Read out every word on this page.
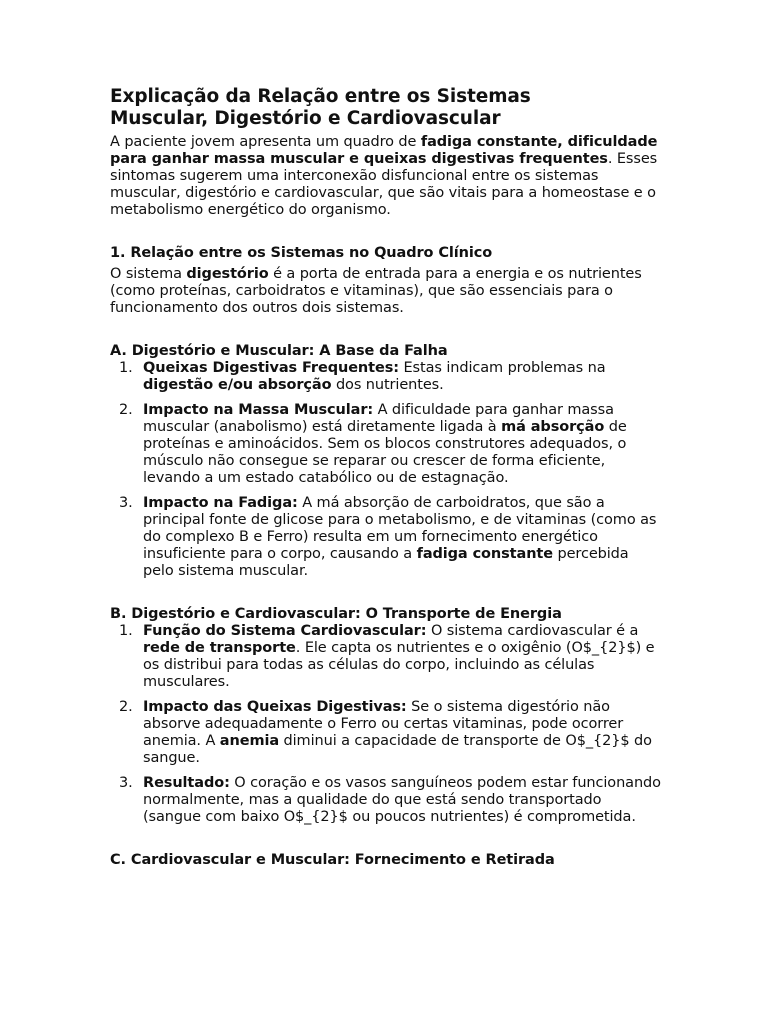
Explicação da Relação entre os Sistemas
Muscular, Digestório e Cardiovascular

A paciente jovem apresenta um quadro de fadiga constante, dificuldade para ganhar massa muscular e queixas digestivas frequentes. Esses sintomas sugerem uma interconexão disfuncional entre os sistemas muscular, digestório e cardiovascular, que são vitais para a homeostase e o metabolismo energético do organismo.

1. Relação entre os Sistemas no Quadro Clínico

O sistema digestório é a porta de entrada para a energia e os nutrientes (como proteínas, carboidratos e vitaminas), que são essenciais para o funcionamento dos outros dois sistemas.

A. Digestório e Muscular: A Base da Falha
1. Queixas Digestivas Frequentes: Estas indicam problemas na digestão e/ou absorção dos nutrientes.
2. Impacto na Massa Muscular: A dificuldade para ganhar massa muscular (anabolismo) está diretamente ligada à má absorção de proteínas e aminoácidos. Sem os blocos construtores adequados, o músculo não consegue se reparar ou crescer de forma eficiente, levando a um estado catabólico ou de estagnação.
3. Impacto na Fadiga: A má absorção de carboidratos, que são a principal fonte de glicose para o metabolismo, e de vitaminas (como as do complexo B e Ferro) resulta em um fornecimento energético insuficiente para o corpo, causando a fadiga constante percebida pelo sistema muscular.
B. Digestório e Cardiovascular: O Transporte de Energia
1. Função do Sistema Cardiovascular: O sistema cardiovascular é a rede de transporte. Ele capta os nutrientes e o oxigênio (O$_{2}$) e os distribui para todas as células do corpo, incluindo as células musculares.
2. Impacto das Queixas Digestivas: Se o sistema digestório não absorve adequadamente o Ferro ou certas vitaminas, pode ocorrer anemia. A anemia diminui a capacidade de transporte de O$_{2}$ do sangue.
3. Resultado: O coração e os vasos sanguíneos podem estar funcionando normalmente, mas a qualidade do que está sendo transportado (sangue com baixo O$_{2}$ ou poucos nutrientes) é comprometida.
C. Cardiovascular e Muscular: Fornecimento e Retirada
